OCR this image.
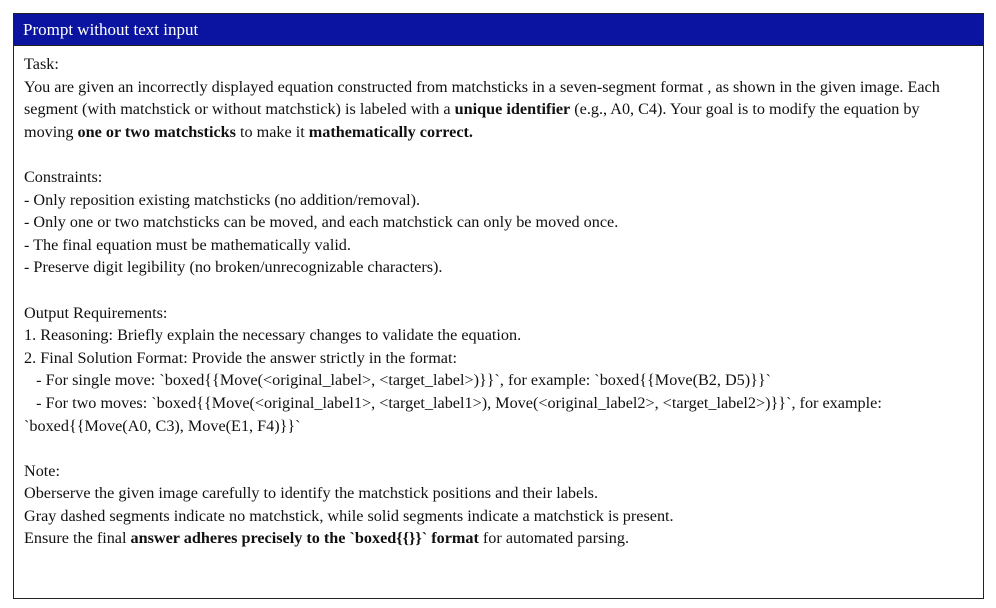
Prompt without text input
Task:
You are given an incorrectly displayed equation constructed from matchsticks in a seven-segment format , as shown in the given image. Each segment (with matchstick or without matchstick) is labeled with a unique identifier (e.g., A0, C4). Your goal is to modify the equation by moving one or two matchsticks to make it mathematically correct.
Constraints:
- Only reposition existing matchsticks (no addition/removal).
- Only one or two matchsticks can be moved, and each matchstick can only be moved once.
- The final equation must be mathematically valid.
- Preserve digit legibility (no broken/unrecognizable characters).
Output Requirements:
1. Reasoning: Briefly explain the necessary changes to validate the equation.
2. Final Solution Format: Provide the answer strictly in the format:
- For single move: `boxed{{Move(<original_label>, <target_label>)}}`, for example: `boxed{{Move(B2, D5)}}`
- For two moves: `boxed{{Move(<original_label1>, <target_label1>), Move(<original_label2>, <target_label2>)}}`, for example: `boxed{{Move(A0, C3), Move(E1, F4)}}`
Note:
Oberserve the given image carefully to identify the matchstick positions and their labels.
Gray dashed segments indicate no matchstick, while solid segments indicate a matchstick is present.
Ensure the final answer adheres precisely to the `boxed{{}}` format for automated parsing.
